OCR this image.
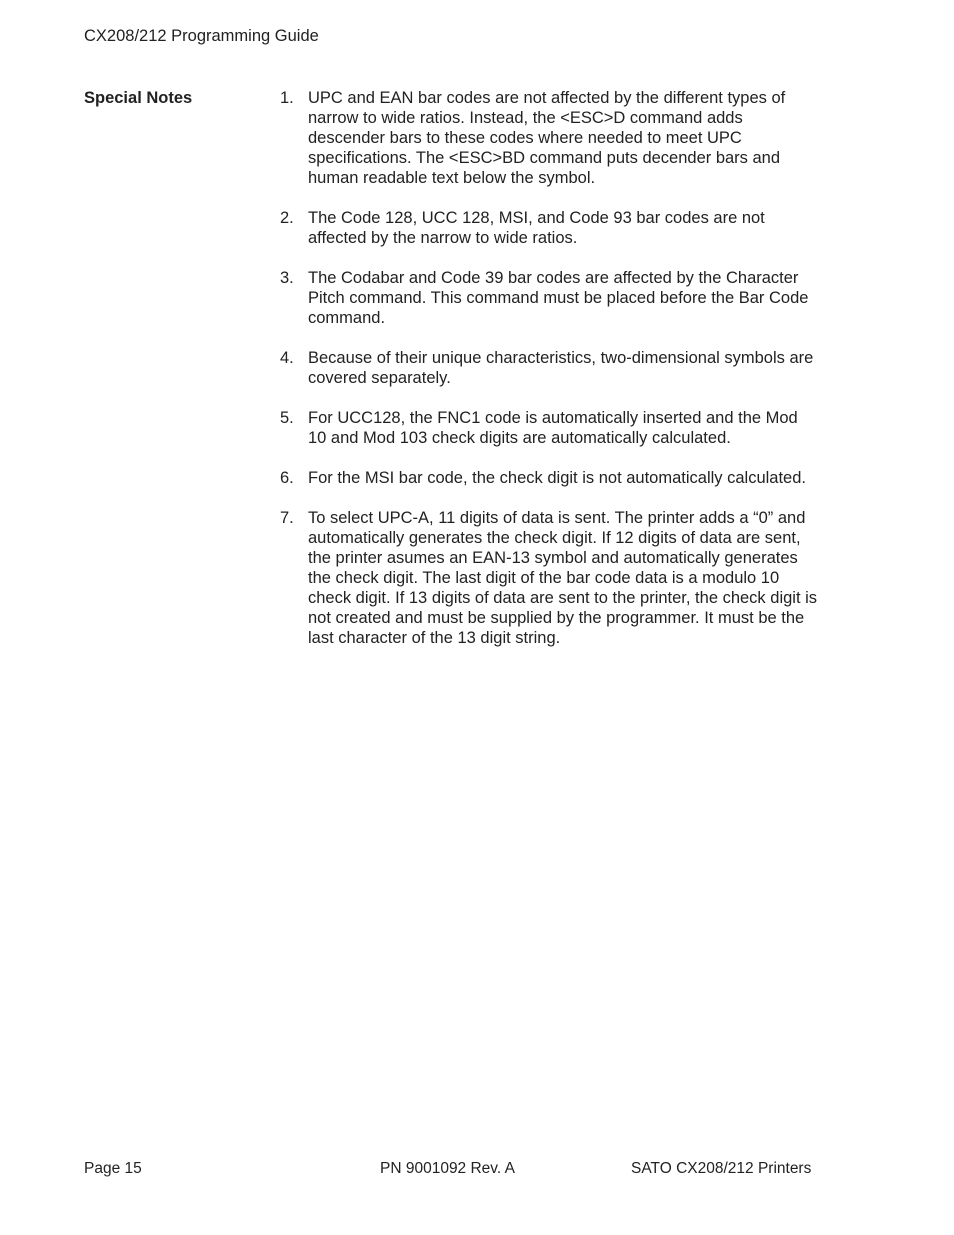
CX208/212 Programming Guide
Special Notes	1. UPC and EAN bar codes are not affected by the different types of narrow to wide ratios. Instead, the <ESC>D command adds descender bars to these codes where needed to meet UPC specifications. The <ESC>BD command puts decender bars and human readable text below the symbol.
2. The Code 128, UCC 128, MSI, and Code 93 bar codes are not affected by the narrow to wide ratios.
3. The Codabar and Code 39 bar codes are affected by the Character Pitch command. This command must be placed before the Bar Code command.
4. Because of their unique characteristics, two-dimensional symbols are covered separately.
5. For UCC128, the FNC1 code is automatically inserted and the Mod 10 and Mod 103 check digits are automatically calculated.
6. For the MSI bar code, the check digit is not automatically calculated.
7. To select UPC-A, 11 digits of data is sent. The printer adds a “0” and automatically generates the check digit. If 12 digits of data are sent, the printer asumes an EAN-13 symbol and automatically generates the check digit. The last digit of the bar code data is a modulo 10 check digit. If 13 digits of data are sent to the printer, the check digit is not created and must be supplied by the programmer. It must be the last character of the 13 digit string.
Page 15	PN 9001092 Rev. A	SATO CX208/212 Printers
